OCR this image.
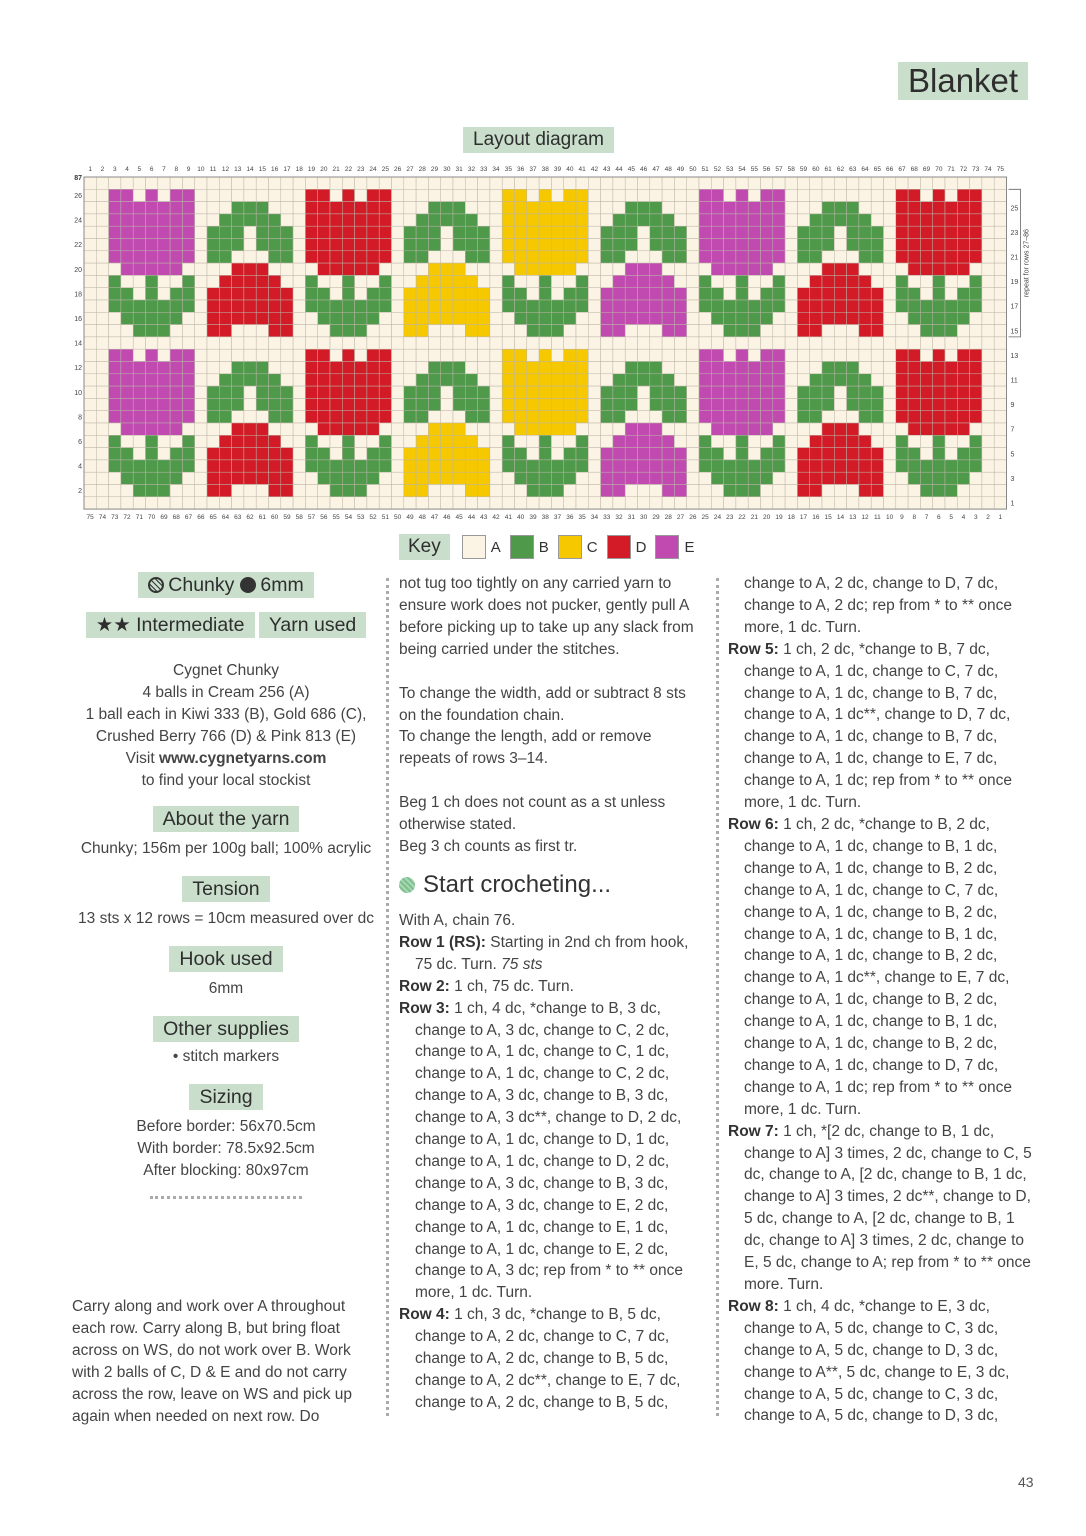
Blanket
Layout diagram
1
75
2
74
3
73
4
72
5
71
6
70
7
69
8
68
9
67
10
66
11
65
12
64
13
63
14
62
15
61
16
60
17
59
18
58
19
57
20
56
21
55
22
54
23
53
24
52
25
51
26
50
27
49
28
48
29
47
30
46
31
45
32
44
33
43
34
42
35
41
36
40
37
39
38
38
39
37
40
36
41
35
42
34
43
33
44
32
45
31
46
30
47
29
48
28
49
27
50
26
51
25
52
24
53
23
54
22
55
21
56
20
57
19
58
18
59
17
60
16
61
15
62
14
63
13
64
12
65
11
66
10
67
9
68
8
69
7
70
6
71
5
72
4
73
3
74
2
75
1
87
26
24
22
20
18
16
14
12
10
8
6
4
2
25
23
21
19
17
15
13
11
9
7
5
3
1
repeat for rows 27–86
Key	A	B	C	D	E
Chunky 6mm ★★ Intermediate Yarn used

Cygnet Chunky

4 balls in Cream 256 (A)

1 ball each in Kiwi 333 (B), Gold 686 (C),

Crushed Berry 766 (D) & Pink 813 (E)

Visit www.cygnetyarns.com

to find your local stockist

About the yarn

Chunky; 156m per 100g ball; 100% acrylic

Tension

13 sts x 12 rows = 10cm measured over dc

Hook used

6mm

Other supplies

• stitch markers

Sizing

Before border: 56x70.5cm

With border: 78.5x92.5cm

After blocking: 80x97cm

Carry along and work over A throughout each row. Carry along B, but bring float across on WS, do not work over B. Work with 2 balls of C, D & E and do not carry across the row, leave on WS and pick up again when needed on next row. Do

not tug too tightly on any carried yarn to ensure work does not pucker, gently pull A before picking up to take up any slack from being carried under the stitches.

To change the width, add or subtract 8 sts on the foundation chain.

To change the length, add or remove repeats of rows 3–14.

Beg 1 ch does not count as a st unless otherwise stated.

Beg 3 ch counts as first tr.

Start crocheting...

With A, chain 76.

Row 1 (RS): Starting in 2nd ch from hook, 75 dc. Turn. 75 sts

Row 2: 1 ch, 75 dc. Turn.

Row 3: 1 ch, 4 dc, *change to B, 3 dc, change to A, 3 dc, change to C, 2 dc, change to A, 1 dc, change to C, 1 dc, change to A, 1 dc, change to C, 2 dc, change to A, 3 dc, change to B, 3 dc, change to A, 3 dc**, change to D, 2 dc, change to A, 1 dc, change to D, 1 dc, change to A, 1 dc, change to D, 2 dc, change to A, 3 dc, change to B, 3 dc, change to A, 3 dc, change to E, 2 dc, change to A, 1 dc, change to E, 1 dc, change to A, 1 dc, change to E, 2 dc, change to A, 3 dc; rep from * to ** once more, 1 dc. Turn.

Row 4: 1 ch, 3 dc, *change to B, 5 dc, change to A, 2 dc, change to C, 7 dc, change to A, 2 dc, change to B, 5 dc, change to A, 2 dc**, change to E, 7 dc, change to A, 2 dc, change to B, 5 dc,

change to A, 2 dc, change to D, 7 dc, change to A, 2 dc; rep from * to ** once more, 1 dc. Turn.

Row 5: 1 ch, 2 dc, *change to B, 7 dc, change to A, 1 dc, change to C, 7 dc, change to A, 1 dc, change to B, 7 dc, change to A, 1 dc**, change to D, 7 dc, change to A, 1 dc, change to B, 7 dc, change to A, 1 dc, change to E, 7 dc, change to A, 1 dc; rep from * to ** once more, 1 dc. Turn.

Row 6: 1 ch, 2 dc, *change to B, 2 dc, change to A, 1 dc, change to B, 1 dc, change to A, 1 dc, change to B, 2 dc, change to A, 1 dc, change to C, 7 dc, change to A, 1 dc, change to B, 2 dc, change to A, 1 dc, change to B, 1 dc, change to A, 1 dc, change to B, 2 dc, change to A, 1 dc**, change to E, 7 dc, change to A, 1 dc, change to B, 2 dc, change to A, 1 dc, change to B, 1 dc, change to A, 1 dc, change to B, 2 dc, change to A, 1 dc, change to D, 7 dc, change to A, 1 dc; rep from * to ** once more, 1 dc. Turn.

Row 7: 1 ch, *[2 dc, change to B, 1 dc, change to A] 3 times, 2 dc, change to C, 5 dc, change to A, [2 dc, change to B, 1 dc, change to A] 3 times, 2 dc**, change to D, 5 dc, change to A, [2 dc, change to B, 1 dc, change to A] 3 times, 2 dc, change to E, 5 dc, change to A; rep from * to ** once more. Turn.

Row 8: 1 ch, 4 dc, *change to E, 3 dc, change to A, 5 dc, change to C, 3 dc, change to A, 5 dc, change to D, 3 dc, change to A**, 5 dc, change to E, 3 dc, change to A, 5 dc, change to C, 3 dc, change to A, 5 dc, change to D, 3 dc,

43
